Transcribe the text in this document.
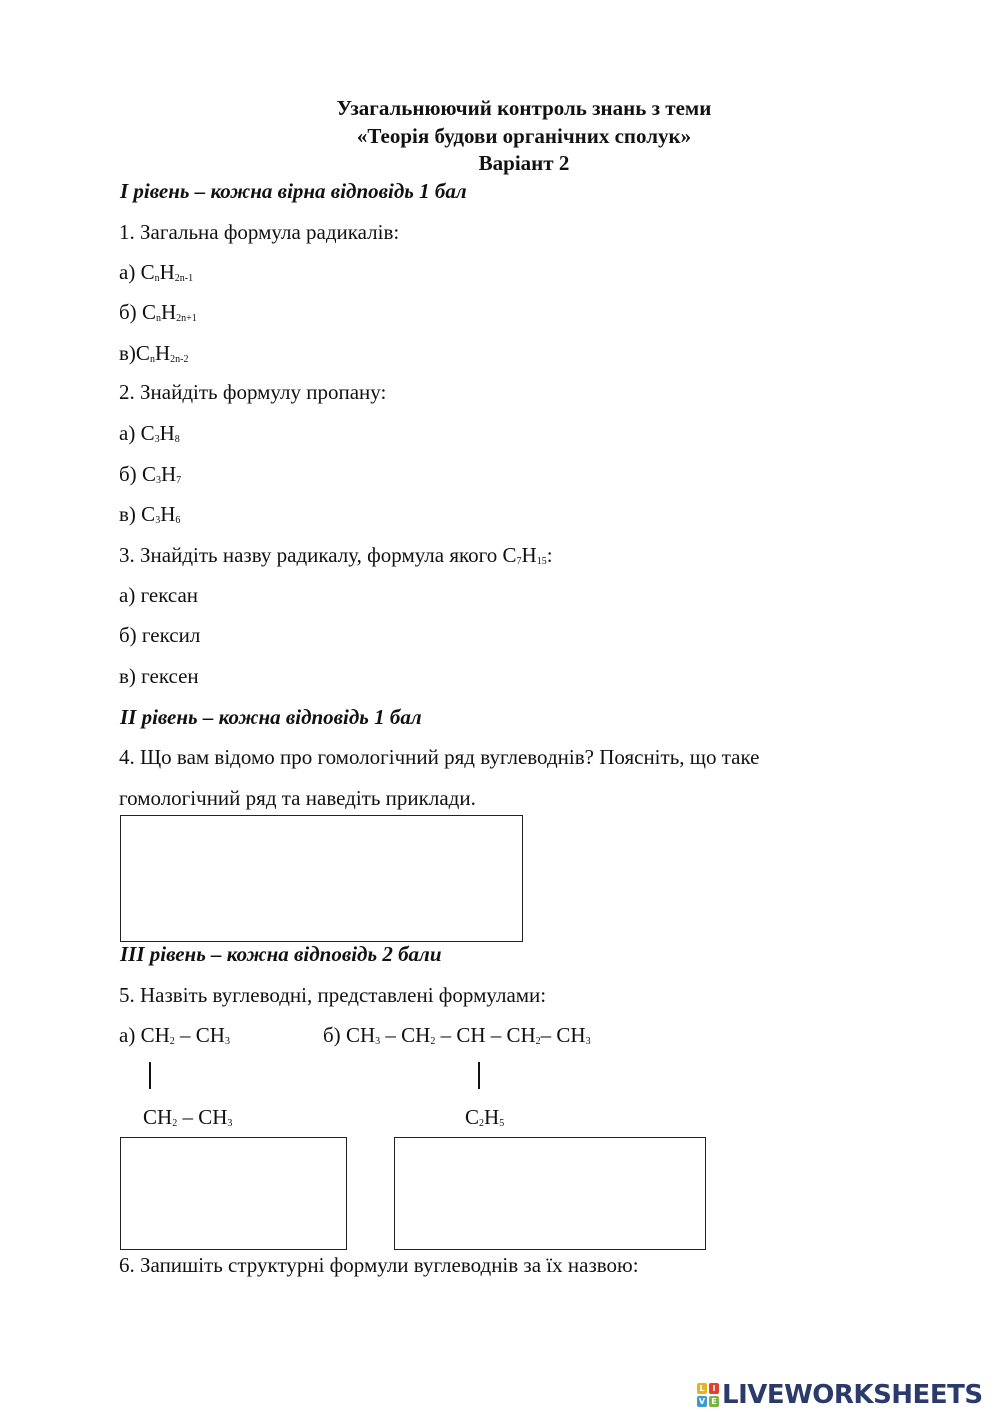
Узагальнюючий контроль знань з теми
«Теорія будови органічних сполук»
Варіант 2
І рівень – кожна вірна відповідь 1 бал
1. Загальна формула радикалів:
а) $C_nH_{2n-1}$
б) $C_nH_{2n+1}$
$в)C_nH_{2n-2}$
2. Знайдіть формулу пропану:
а) $C_3H_8$
б) $C_3H_7$
в) $C_3H_6$
3. Знайдіть назву радикалу, формула якого $C_7H_{15}$:
а) гексан
б) гексил
в) гексен
ІІ рівень – кожна відповідь 1 бал
4. Що вам відомо про гомологічний ряд вуглеводнів? Поясніть, що таке
гомологічний ряд та наведіть приклади.
ІІІ рівень – кожна відповідь 2 бали
5. Назвіть вуглеводні, представлені формулами:
а) $CH_2 - CH_3$	б) $CH_3 - CH_2$ – CH – $CH_2-$ $CH_3$
$CH_2 - CH_3$	$C_2H_5$
6. Запишіть структурні формули вуглеводнів за їх назвою:
L I
V E LIVEWORKSHEETS
